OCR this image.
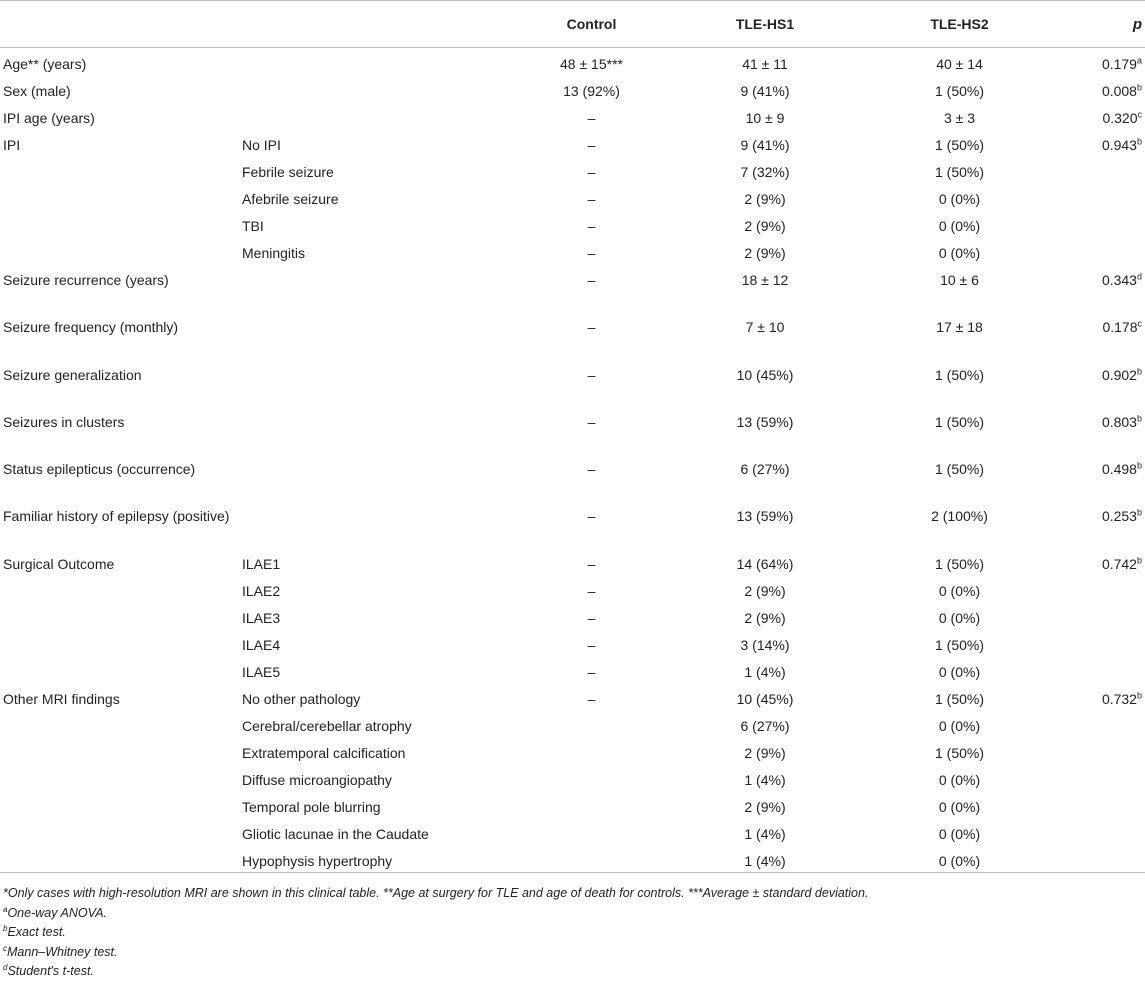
		Control	TLE-HS1	TLE-HS2	p
Age** (years)		48 ± 15***	41 ± 11	40 ± 14	0.179$^a$
Sex (male)		13 (92%)	9 (41%)	1 (50%)	0.008$^b$
IPI age (years)		–	10 ± 9	3 ± 3	0.320$^c$
IPI	No IPI	–	9 (41%)	1 (50%)	0.943$^b$
	Febrile seizure	–	7 (32%)	1 (50%)	
	Afebrile seizure	–	2 (9%)	0 (0%)	
	TBI	–	2 (9%)	0 (0%)	
	Meningitis	–	2 (9%)	0 (0%)	
Seizure recurrence (years)		–	18 ± 12	10 ± 6	0.343$^d$
Seizure frequency (monthly)		–	7 ± 10	17 ± 18	0.178$^c$
Seizure generalization		–	10 (45%)	1 (50%)	0.902$^b$
Seizures in clusters		–	13 (59%)	1 (50%)	0.803$^b$
Status epilepticus (occurrence)		–	6 (27%)	1 (50%)	0.498$^b$
Familiar history of epilepsy (positive)		–	13 (59%)	2 (100%)	0.253$^b$
Surgical Outcome	ILAE1	–	14 (64%)	1 (50%)	0.742$^b$
	ILAE2	–	2 (9%)	0 (0%)	
	ILAE3	–	2 (9%)	0 (0%)	
	ILAE4	–	3 (14%)	1 (50%)	
	ILAE5	–	1 (4%)	0 (0%)	
Other MRI findings	No other pathology	–	10 (45%)	1 (50%)	0.732$^b$
	Cerebral/cerebellar atrophy		6 (27%)	0 (0%)	
	Extratemporal calcification		2 (9%)	1 (50%)	
	Diffuse microangiopathy		1 (4%)	0 (0%)	
	Temporal pole blurring		2 (9%)	0 (0%)	
	Gliotic lacunae in the Caudate		1 (4%)	0 (0%)	
	Hypophysis hypertrophy		1 (4%)	0 (0%)	
*Only cases with high-resolution MRI are shown in this clinical table. **Age at surgery for TLE and age of death for controls. ***Average ± standard deviation.
$^a$One-way ANOVA.
$^b$Exact test.
$^c$Mann–Whitney test.
$^d$Student's t-test.
